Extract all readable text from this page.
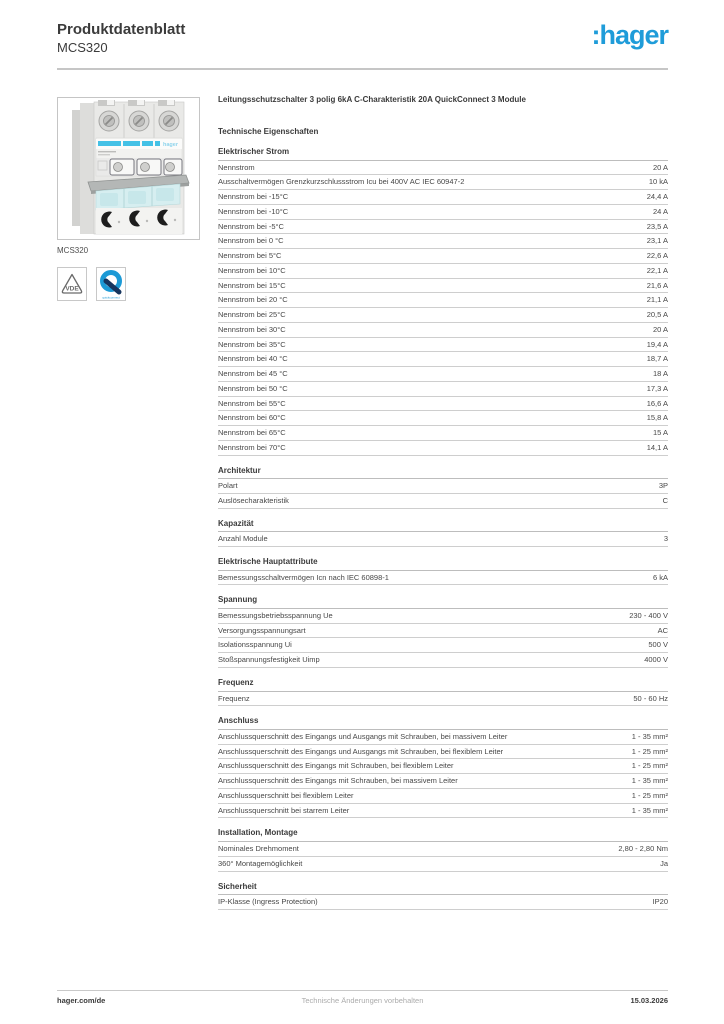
Produktdatenblatt
MCS320	:hager
hager
MCS320
VDE
quickconnect
Leitungsschutzschalter 3 polig 6kA C-Charakteristik 20A QuickConnect 3 Module
Technische Eigenschaften
Elektrischer Strom
Nennstrom	20 A
Ausschaltvermögen Grenzkurzschlussstrom Icu bei 400V AC IEC 60947-2	10 kA
Nennstrom bei -15°C	24,4 A
Nennstrom bei -10°C	24 A
Nennstrom bei -5°C	23,5 A
Nennstrom bei 0 °C	23,1 A
Nennstrom bei 5°C	22,6 A
Nennstrom bei 10°C	22,1 A
Nennstrom bei 15°C	21,6 A
Nennstrom bei 20 °C	21,1 A
Nennstrom bei 25°C	20,5 A
Nennstrom bei 30°C	20 A
Nennstrom bei 35°C	19,4 A
Nennstrom bei 40 °C	18,7 A
Nennstrom bei 45 °C	18 A
Nennstrom bei 50 °C	17,3 A
Nennstrom bei 55°C	16,6 A
Nennstrom bei 60°C	15,8 A
Nennstrom bei 65°C	15 A
Nennstrom bei 70°C	14,1 A
Architektur
Polart	3P
Auslösecharakteristik	C
Kapazität
Anzahl Module	3
Elektrische Hauptattribute
Bemessungsschaltvermögen Icn nach IEC 60898-1	6 kA
Spannung
Bemessungsbetriebsspannung Ue	230 - 400 V
Versorgungsspannungsart	AC
Isolationsspannung Ui	500 V
Stoßspannungsfestigkeit Uimp	4000 V
Frequenz
Frequenz	50 - 60 Hz
Anschluss
Anschlussquerschnitt des Eingangs und Ausgangs mit Schrauben, bei massivem Leiter	1 - 35 mm²
Anschlussquerschnitt des Eingangs und Ausgangs mit Schrauben, bei flexiblem Leiter	1 - 25 mm²
Anschlussquerschnitt des Eingangs mit Schrauben, bei flexiblem Leiter	1 - 25 mm²
Anschlussquerschnitt des Eingangs mit Schrauben, bei massivem Leiter	1 - 35 mm²
Anschlussquerschnitt bei flexiblem Leiter	1 - 25 mm²
Anschlussquerschnitt bei starrem Leiter	1 - 35 mm²
Installation, Montage
Nominales Drehmoment	2,80 - 2,80 Nm
360° Montagemöglichkeit	Ja
Sicherheit
IP-Klasse (Ingress Protection)	IP20
hager.com/de	Technische Änderungen vorbehalten	15.03.2026
